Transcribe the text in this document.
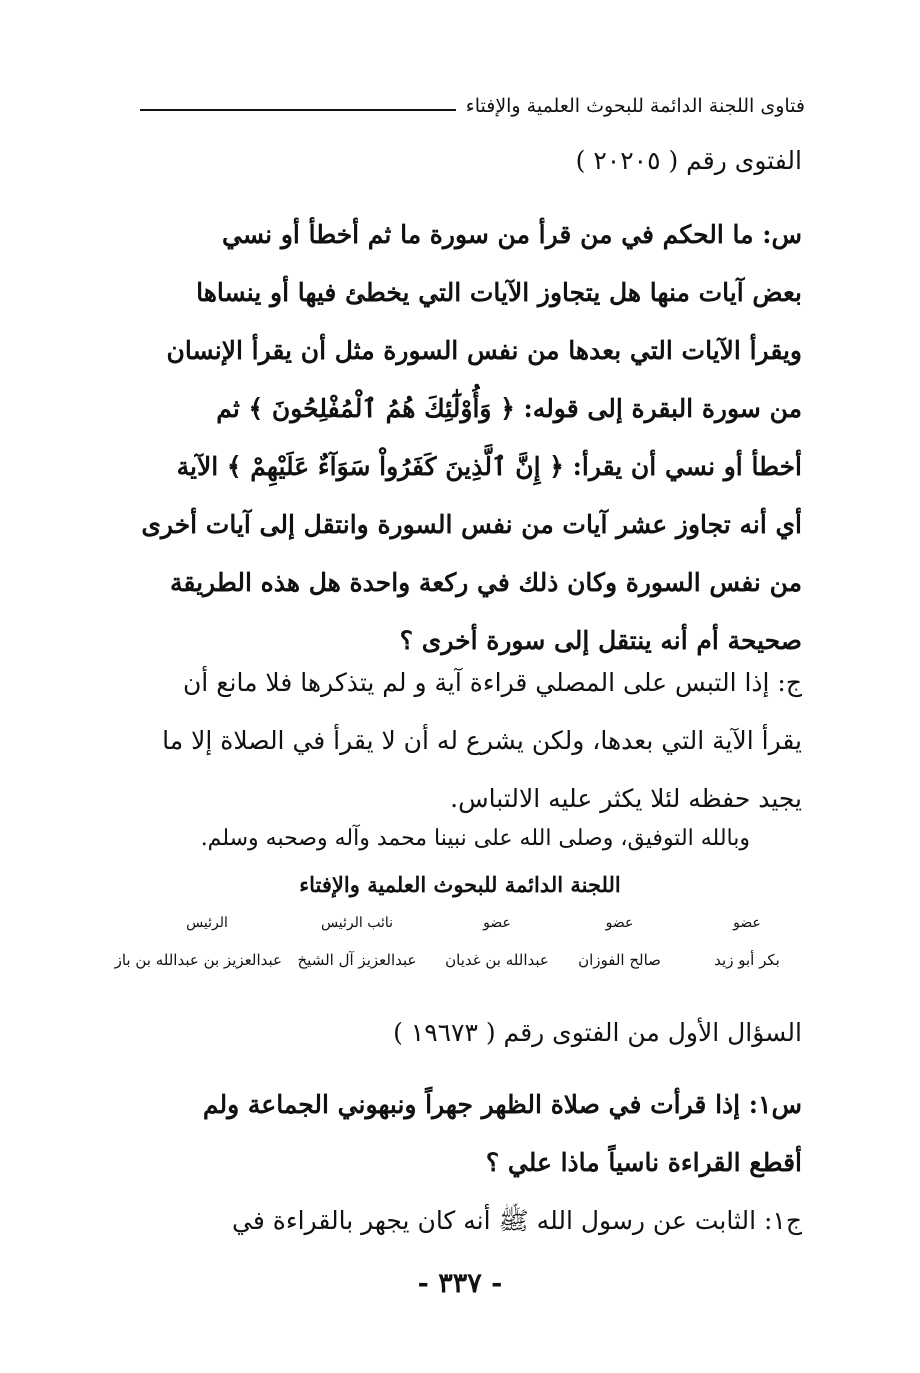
فتاوى اللجنة الدائمة للبحوث العلمية والإفتاء
الفتوى رقم ( ٢٠٢٠٥ )
س: ما الحكم في من قرأ من سورة ما ثم أخطأ أو نسي
بعض آيات منها هل يتجاوز الآيات التي يخطئ فيها أو ينساها
ويقرأ الآيات التي بعدها من نفس السورة مثل أن يقرأ الإنسان
من سورة البقرة إلى قوله: ﴿ وَأُوْلَٰٓئِكَ هُمُ ٱلْمُفْلِحُونَ ﴾ ثم
أخطأ أو نسي أن يقرأ: ﴿ إِنَّ ٱلَّذِينَ كَفَرُواْ سَوَآءٌ عَلَيْهِمْ ﴾ الآية
أي أنه تجاوز عشر آيات من نفس السورة وانتقل إلى آيات أخرى
من نفس السورة وكان ذلك في ركعة واحدة هل هذه الطريقة
صحيحة أم أنه ينتقل إلى سورة أخرى ؟
ج: إذا التبس على المصلي قراءة آية و لم يتذكرها فلا مانع أن
يقرأ الآية التي بعدها، ولكن يشرع له أن لا يقرأ في الصلاة إلا ما
يجيد حفظه لئلا يكثر عليه الالتباس.
وبالله التوفيق، وصلى الله على نبينا محمد وآله وصحبه وسلم.
اللجنة الدائمة للبحوث العلمية والإفتاء
الرئيس
عبدالعزيز بن عبدالله بن باز
نائب الرئيس
عبدالعزيز آل الشيخ
عضو
عبدالله بن غديان
عضو
صالح الفوزان
عضو
بكر أبو زيد
السؤال الأول من الفتوى رقم ( ١٩٦٧٣ )
س١: إذا قرأت في صلاة الظهر جهراً ونبهوني الجماعة ولم
أقطع القراءة ناسياً ماذا علي ؟
ج١: الثابت عن رسول الله ﷺ أنه كان يجهر بالقراءة في
- ٣٣٧ -
